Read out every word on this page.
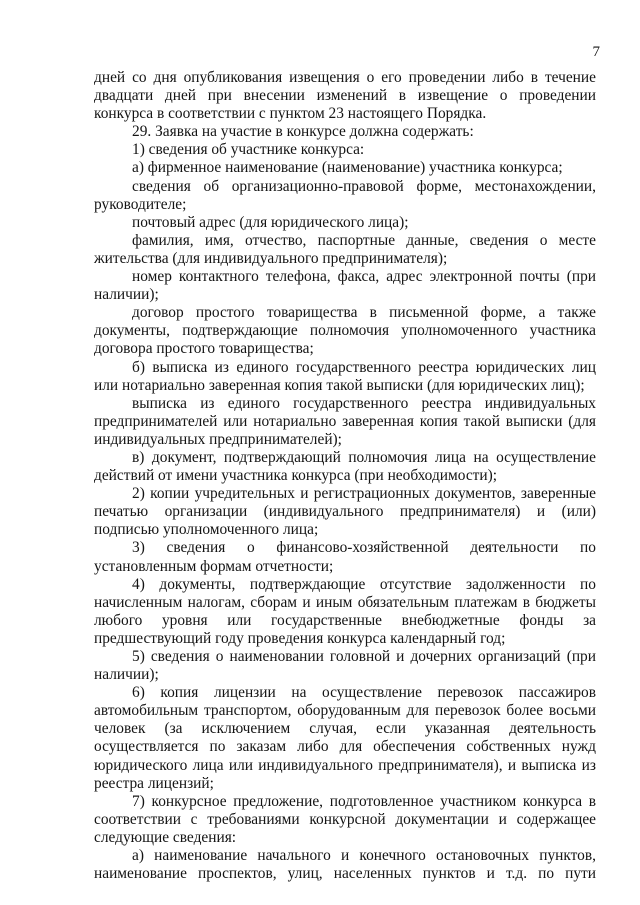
7

дней со дня опубликования извещения о его проведении либо в течение двадцати дней при внесении изменений в извещение о проведении конкурса в соответствии с пунктом 23 настоящего Порядка.

29. Заявка на участие в конкурсе должна содержать:

1) сведения об участнике конкурса:

а) фирменное наименование (наименование) участника конкурса;

сведения об организационно-правовой форме, местонахождении, руководителе;

почтовый адрес (для юридического лица);

фамилия, имя, отчество, паспортные данные, сведения о месте жительства (для индивидуального предпринимателя);

номер контактного телефона, факса, адрес электронной почты (при наличии);

договор простого товарищества в письменной форме, а также документы, подтверждающие полномочия уполномоченного участника договора простого товарищества;

б) выписка из единого государственного реестра юридических лиц или нотариально заверенная копия такой выписки (для юридических лиц);

выписка из единого государственного реестра индивидуальных предпринимателей или нотариально заверенная копия такой выписки (для индивидуальных предпринимателей);

в) документ, подтверждающий полномочия лица на осуществление действий от имени участника конкурса (при необходимости);

2) копии учредительных и регистрационных документов, заверенные печатью организации (индивидуального предпринимателя) и (или) подписью уполномоченного лица;

3) сведения о финансово-хозяйственной деятельности по установленным формам отчетности;

4) документы, подтверждающие отсутствие задолженности по начисленным налогам, сборам и иным обязательным платежам в бюджеты любого уровня или государственные внебюджетные фонды за предшествующий году проведения конкурса календарный год;

5) сведения о наименовании головной и дочерних организаций (при наличии);

6) копия лицензии на осуществление перевозок пассажиров автомобильным транспортом, оборудованным для перевозок более восьми человек (за исключением случая, если указанная деятельность осуществляется по заказам либо для обеспечения собственных нужд юридического лица или индивидуального предпринимателя), и выписка из реестра лицензий;

7) конкурсное предложение, подготовленное участником конкурса в соответствии с требованиями конкурсной документации и содержащее следующие сведения:

а) наименование начального и конечного остановочных пунктов, наименование проспектов, улиц, населенных пунктов и т.д. по пути
